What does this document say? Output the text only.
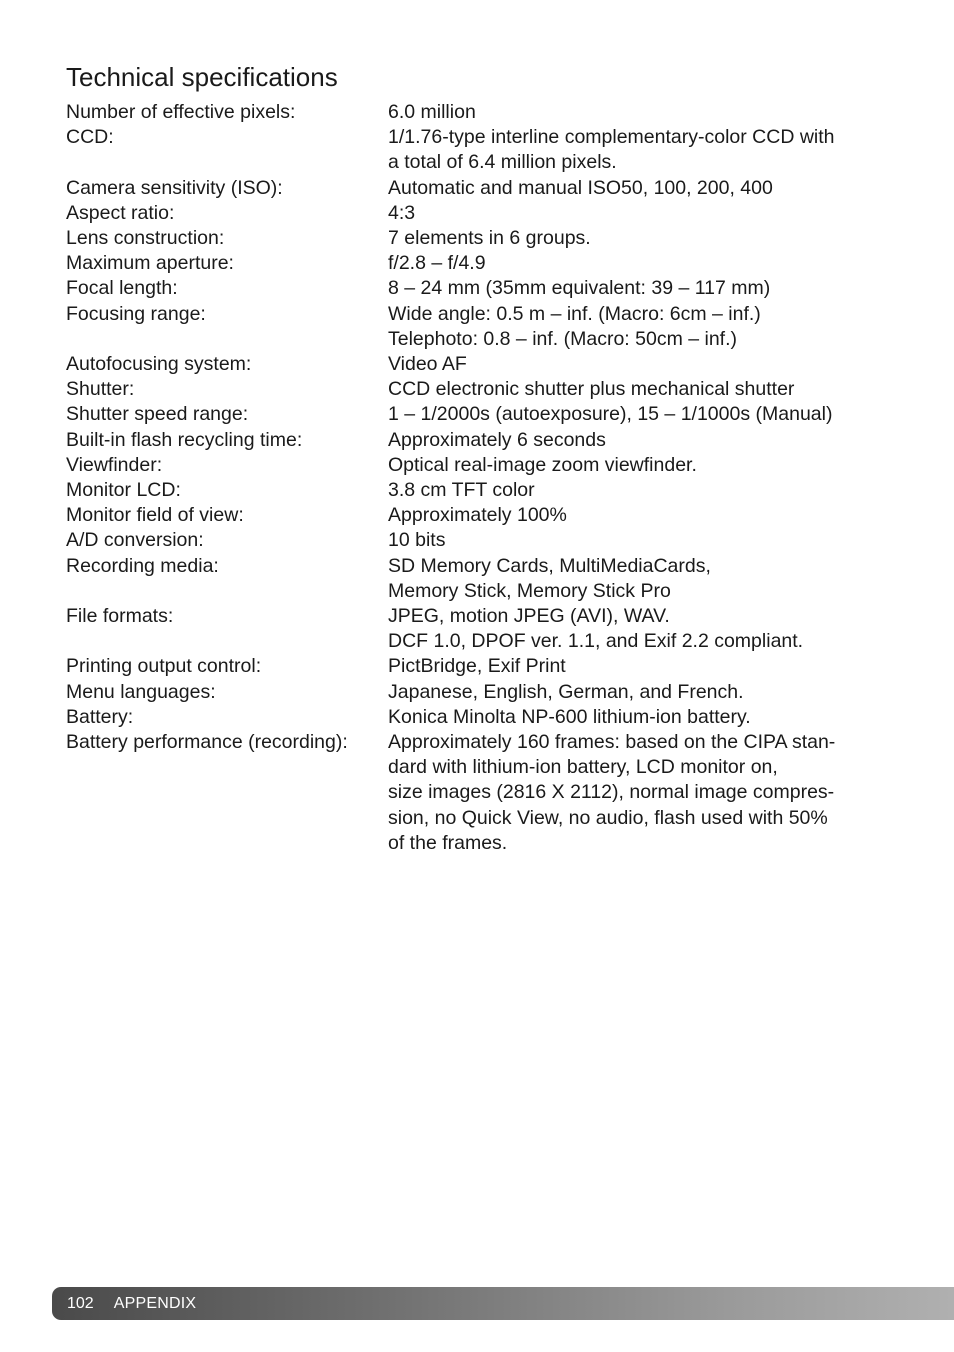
Technical specifications
Number of effective pixels:	6.0 million
CCD:	1/1.76-type interline complementary-color CCD with
a total of 6.4 million pixels.
Camera sensitivity (ISO):	Automatic and manual ISO50, 100, 200, 400
Aspect ratio:	4:3
Lens construction:	7 elements in 6 groups.
Maximum aperture:	f/2.8 – f/4.9
Focal length:	8 – 24 mm (35mm equivalent: 39 – 117 mm)
Focusing range:	Wide angle: 0.5 m – inf. (Macro: 6cm – inf.)
Telephoto: 0.8 – inf. (Macro: 50cm – inf.)
Autofocusing system:	Video AF
Shutter:	CCD electronic shutter plus mechanical shutter
Shutter speed range:	1 – 1/2000s (autoexposure), 15 – 1/1000s (Manual)
Built-in flash recycling time:	Approximately 6 seconds
Viewfinder:	Optical real-image zoom viewfinder.
Monitor LCD:	3.8 cm TFT color
Monitor field of view:	Approximately 100%
A/D conversion:	10 bits
Recording media:	SD Memory Cards, MultiMediaCards,
Memory Stick, Memory Stick Pro
File formats:	JPEG, motion JPEG (AVI), WAV.
DCF 1.0, DPOF ver. 1.1, and Exif 2.2 compliant.
Printing output control:	PictBridge, Exif Print
Menu languages:	Japanese, English, German, and French.
Battery:	Konica Minolta NP-600 lithium-ion battery.
Battery performance (recording):	Approximately 160 frames: based on the CIPA stan-
dard with lithium-ion battery, LCD monitor on,
size images (2816 X 2112), normal image compres-
sion, no Quick View, no audio, flash used with 50%
of the frames.
102 APPENDIX
